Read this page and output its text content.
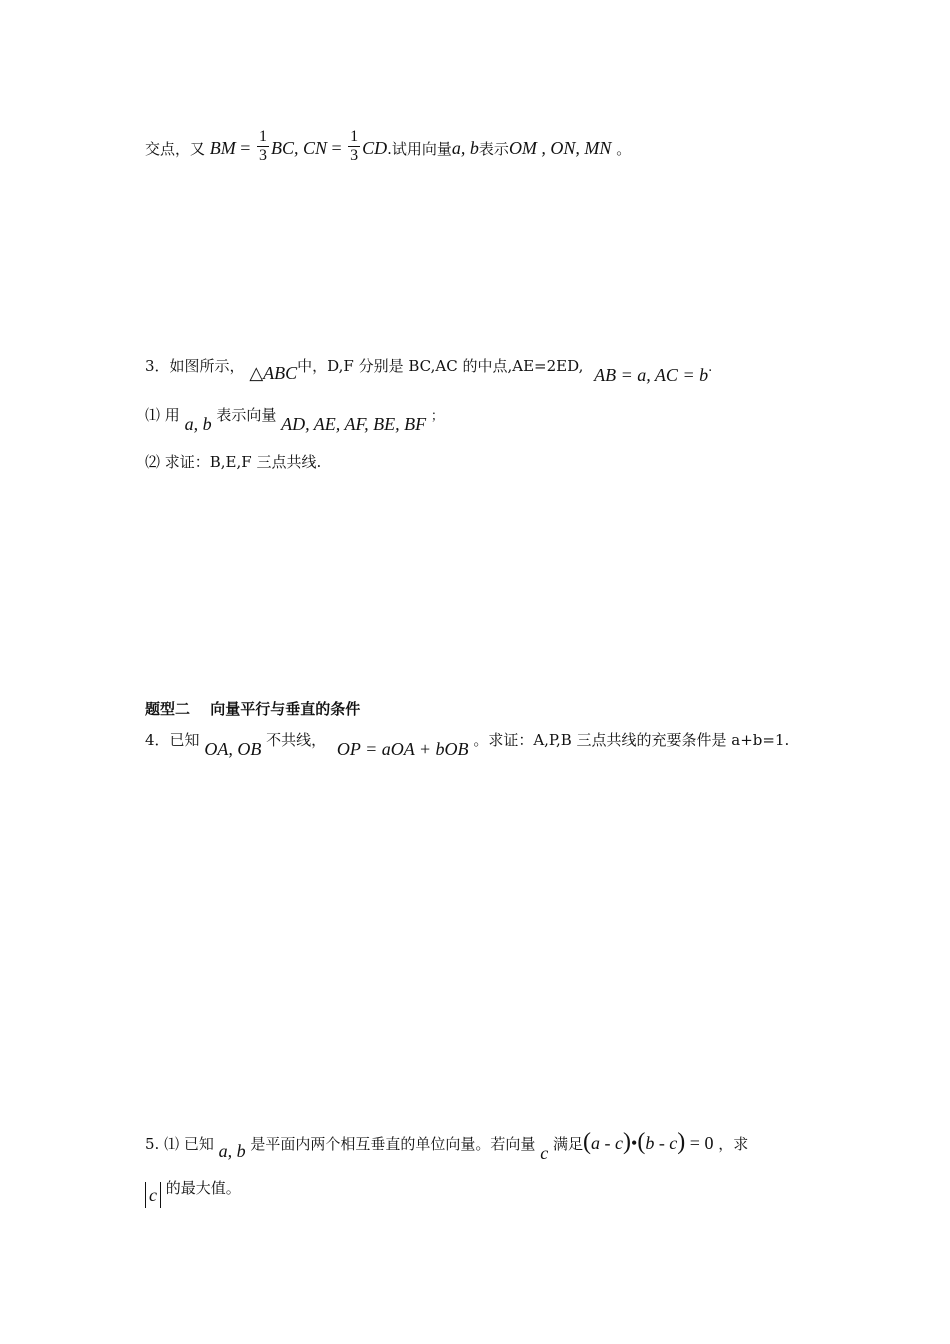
交点，又 BM = $\frac{1}{3}$ BC, CN = $\frac{1}{3}$ CD.试用向量a, b表示OM , ON, MN 。
3．如图所示， △ABC中，D,F 分别是 BC,AC 的中点,AE=2ED, AB = a, AC = b.
⑴ 用 a, b 表示向量 AD, AE, AF, BE, BF ；
⑵ 求证：B,E,F 三点共线.
题型二　 向量平行与垂直的条件
4．已知 OA, OB 不共线， OP = aOA + bOB 。求证：A,P,B 三点共线的充要条件是 a+b=1.
5. ⑴ 已知 a, b 是平面内两个相互垂直的单位向量。若向量 c 满足(a - c)•(b - c) = 0 ，求
c 的最大值。
